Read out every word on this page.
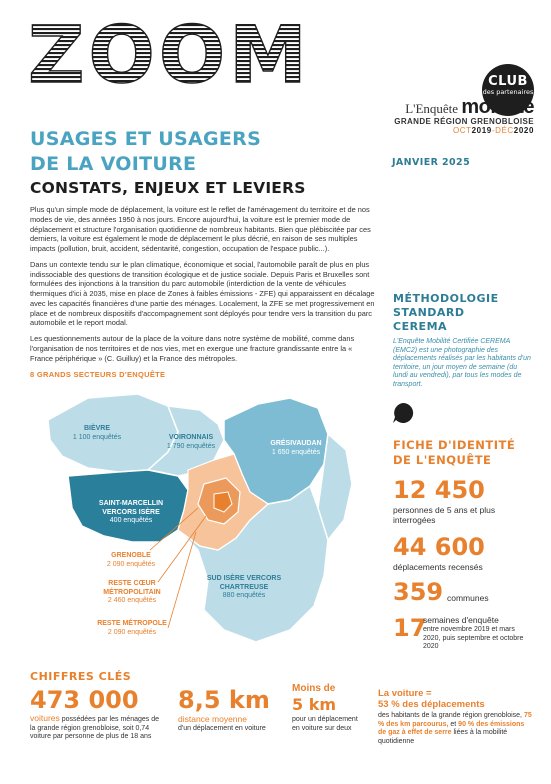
ZOOM	CLUB
des partenaires
L'Enquête mobilité
GRANDE RÉGION GRENOBLOISE
OCT2019-DÉC2020
USAGES ET USAGERS
DE LA VOITURE	JANVIER 2025
CONSTATS, ENJEUX ET LEVIERS

Plus qu'un simple mode de déplacement, la voiture est le reflet de l'aménagement du territoire et de nos modes de vie, des années 1950 à nos jours. Encore aujourd'hui, la voiture est le premier mode de déplacement et structure l'organisation quotidienne de nombreux habitants. Bien que plébiscitée par ces derniers, la voiture est également le mode de déplacement le plus décrié, en raison de ses multiples impacts (pollution, bruit, accident, sédentarité, congestion, occupation de l'espace public...).

Dans un contexte tendu sur le plan climatique, économique et social, l'automobile paraît de plus en plus indissociable des questions de transition écologique et de justice sociale. Depuis Paris et Bruxelles sont formulées des injonctions à la transition du parc automobile (interdiction de la vente de véhicules thermiques d'ici à 2035, mise en place de Zones à faibles émissions - ZFE) qui apparaissent en décalage avec les capacités financières d'une partie des ménages. Localement, la ZFE se met progressivement en place et de nombreux dispositifs d'accompagnement sont déployés pour tendre vers la transition du parc automobile et le report modal.

Les questionnements autour de la place de la voiture dans notre système de mobilité, comme dans l'organisation de nos territoires et de nos vies, met en exergue une fracture grandissante entre la « France périphérique » (C. Guilluy) et la France des métropoles.

8 GRANDS SECTEURS D'ENQUÊTE
BIÈVRE
1 100 enquêtés	VOIRONNAIS
1 790 enquêtés	GRÉSIVAUDAN
1 650 enquêtés
SAINT-MARCELLIN VERCORS ISÈRE
400 enquêtés
GRENOBLE
2 090 enquêtés
RESTE CŒUR MÉTROPOLITAIN
2 460 enquêtés
RESTE MÉTROPOLE
2 090 enquêtés
SUD ISÈRE VERCORS CHARTREUSE
880 enquêtés
MÉTHODOLOGIE
STANDARD
CEREMA
L'Enquête Mobilité Certifiée CEREMA (EMC2) est une photographie des déplacements réalisés par les habitants d'un territoire, un jour moyen de semaine (du lundi au vendredi), par tous les modes de transport.
FICHE D'IDENTITÉ
DE L'ENQUÊTE
12 450
personnes de 5 ans et plus interrogées
44 600
déplacements recensés
359 communes
17
semaines d'enquête
entre novembre 2019 et mars 2020, puis septembre et octobre 2020
CHIFFRES CLÉS
473 000
voitures possédées par les ménages de la grande région grenobloise, soit 0,74 voiture par personne de plus de 18 ans
8,5 km
distance moyenne
d'un déplacement en voiture
Moins de
5 km
pour un déplacement en voiture sur deux
La voiture =
53 % des déplacements
des habitants de la grande région grenobloise, 75 % des km parcourus, et 90 % des émissions de gaz à effet de serre liées à la mobilité quotidienne
